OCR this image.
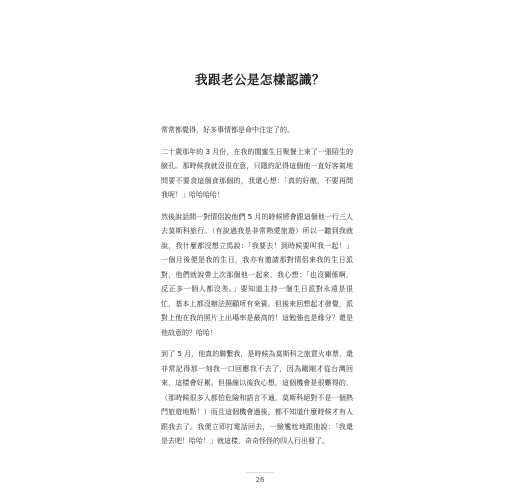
我跟老公是怎樣認識？

常常都覺得，好多事情都是命中注定了的。

二十歲那年的 3 月份，在我的閨蜜生日聚餐上來了一張陌生的臉孔。那時候我就沒很在意，只隱約記得這個他一直好客氣地問要不要食這個食那個的，我還心想：「真的好傲，不要再問我呢！」哈哈哈哈！

然後說話間一對情侶說他們 5 月的時候將會跟這個他一行三人去莫斯科旅行。（有說過我是非常熱愛旅遊）所以一聽到我就說，我什麼都沒想立馬說：「我要去！到時候要叫我一起！」一個月後便是我的生日，我亦有邀請那對情侶來我的生日派對，他們就說帶上次那個他一起來。我心想：「也沒關係啊，反正多一個人都沒差。」要知道主持一個生日派對永遠是很忙，基本上都沒辦法照顧所有來賓。但後來回想起才發覺，派對上他在我的照片上出場率是最高的！這勉強也是緣分？還是他故意的？哈哈！

到了 5 月，他真的聯繫我，是時候為莫斯科之旅買火車票，還非常記得那一刻我一口回應我不去了，因為剛剛才從台灣回來，這樣會好累。但揚線以後我心想，這個機會是很難得的，（那時候很多人都怕危險和語言不通，莫斯科絕對不是一個熱門旅遊地點！）而且這個機會過後，都不知道什麼時候才有人跟我去了。我便立即打電話回去，一臉尷尬地跟他說：「我還是去吧！哈哈！」就這樣，奇奇怪怪的四人行出發了。

26
